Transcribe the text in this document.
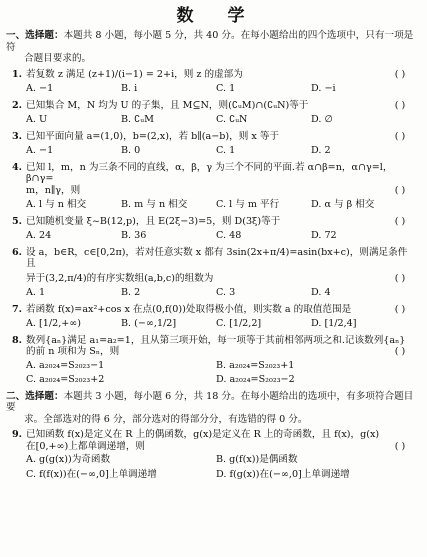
数 学
一、选择题：本题共 8 小题，每小题 5 分，共 40 分。在每小题给出的四个选项中，只有一项是符
合题目要求的。
1. 若复数 z 满足 (z+1)/(i−1) = 2+i，则 z 的虚部为	( )
A. −1	B. i	C. 1	D. −i
2. 已知集合 M，N 均为 U 的子集，且 M⊆N，则(∁ᵤM)∩(∁ᵤN)等于	( )
A. U	B. ∁ᵤM	C. ∁ᵤN	D. ∅
3. 已知平面向量 a=(1,0)，b=(2,x)，若 b∥(a−b)，则 x 等于	( )
A. −1	B. 0	C. 1	D. 2
4. 已知 l，m，n 为三条不同的直线，α，β，γ 为三个不同的平面.若 α∩β=n，α∩γ=l，β∩γ=
m，n∥γ，则	( )
A. l 与 n 相交	B. m 与 n 相交	C. l 与 m 平行	D. α 与 β 相交
5. 已知随机变量 ξ~B(12,p)，且 E(2ξ−3)=5，则 D(3ξ)等于	( )
A. 24	B. 36	C. 48	D. 72
6. 设 a，b∈R，c∈[0,2π)，若对任意实数 x 都有 3sin(2x+π/4)=asin(bx+c)，则满足条件且
异于(3,2,π/4)的有序实数组(a,b,c)的组数为	( )
A. 1	B. 2	C. 3	D. 4
7. 若函数 f(x)=ax²+cos x 在点(0,f(0))处取得极小值，则实数 a 的取值范围是	( )
A. [1/2,+∞)	B. (−∞,1/2]	C. [1/2,2]	D. [1/2,4]
8. 数列{aₙ}满足 a₁=a₂=1，且从第三项开始，每一项等于其前相邻两项之和.记该数列{aₙ}
的前 n 项和为 Sₙ，则	( )
A. a₂₀₂₄=S₂₀₂₃−1	B. a₂₀₂₄=S₂₀₂₃+1
C. a₂₀₂₄=S₂₀₂₃+2	D. a₂₀₂₄=S₂₀₂₃−2
二、选择题：本题共 3 小题，每小题 6 分，共 18 分。在每小题给出的选项中，有多项符合题目要
求。全部选对的得 6 分，部分选对的得部分分，有选错的得 0 分。
9. 已知函数 f(x)是定义在 R 上的偶函数，g(x)是定义在 R 上的奇函数，且 f(x)，g(x)
在[0,+∞)上都单调递增，则	( )
A. g(g(x))为奇函数	B. g(f(x))是偶函数
C. f(f(x))在(−∞,0]上单调递增	D. f(g(x))在(−∞,0]上单调递增
